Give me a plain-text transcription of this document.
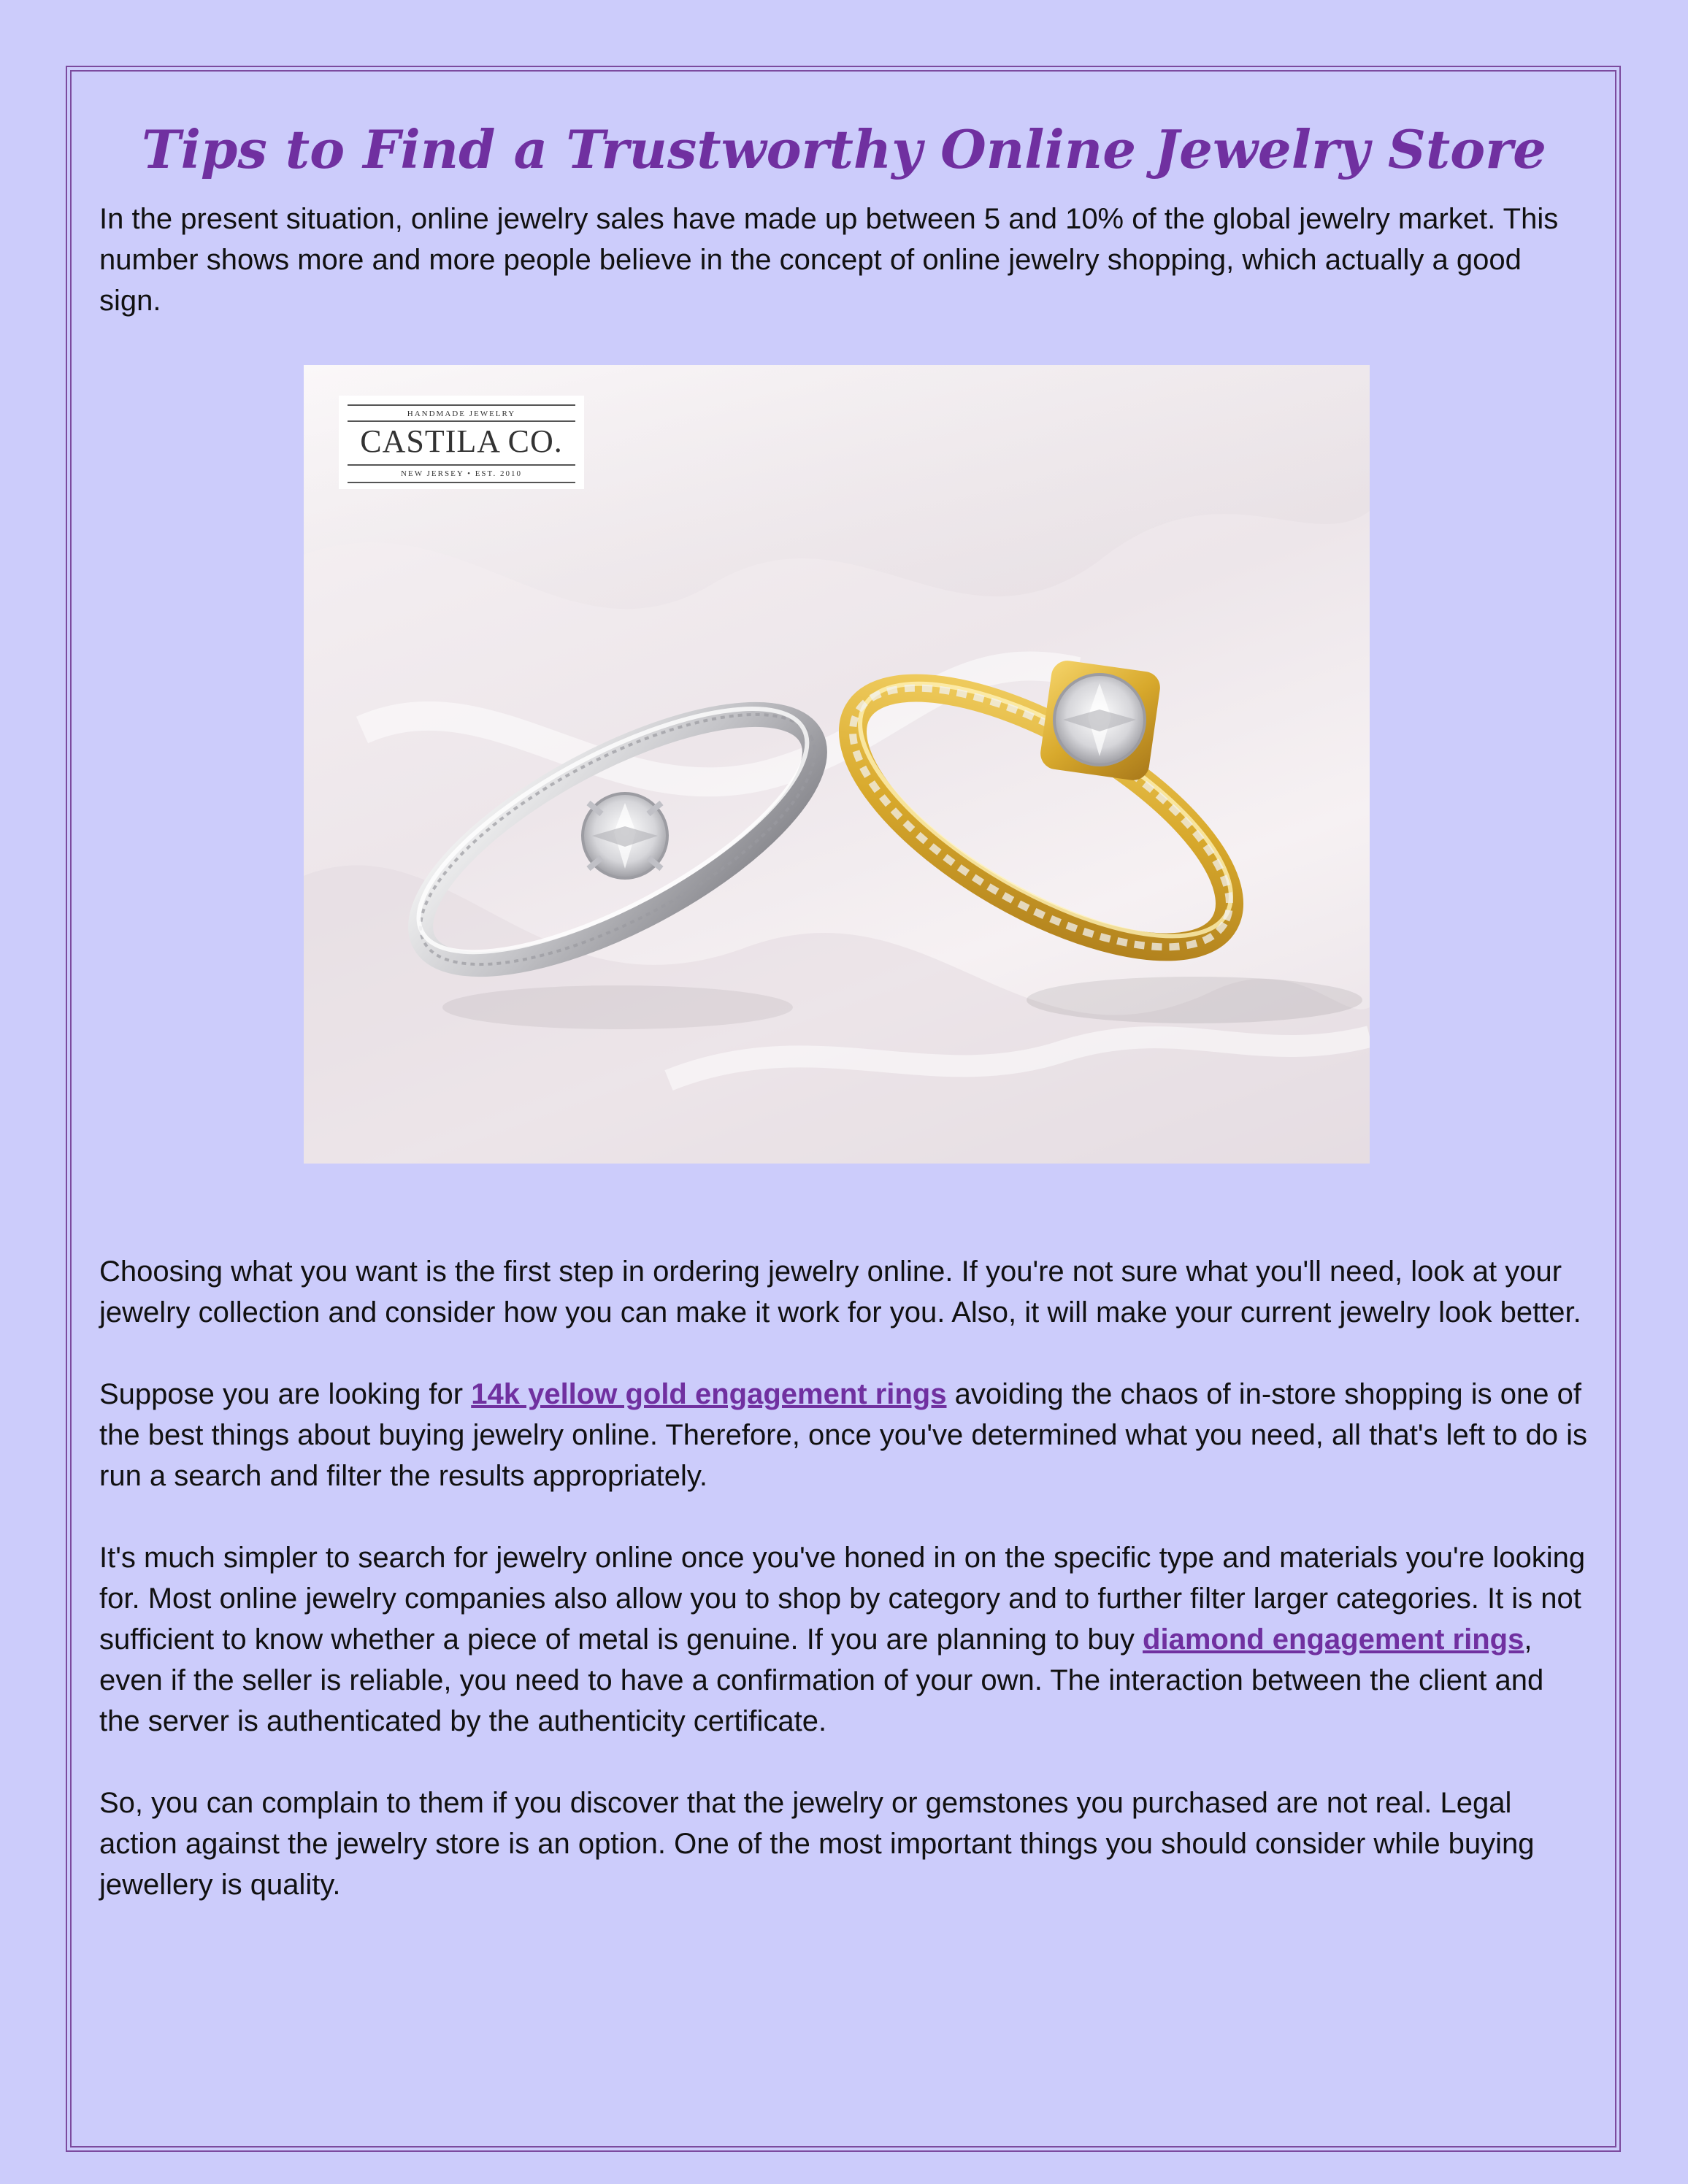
Tips to Find a Trustworthy Online Jewelry Store

In the present situation, online jewelry sales have made up between 5 and 10% of the global jewelry market. This number shows more and more people believe in the concept of online jewelry shopping, which actually a good sign.

HANDMADE JEWELRY
CASTILA CO.
NEW JERSEY • EST. 2010

Choosing what you want is the first step in ordering jewelry online. If you're not sure what you'll need, look at your jewelry collection and consider how you can make it work for you. Also, it will make your current jewelry look better.

Suppose you are looking for 14k yellow gold engagement rings avoiding the chaos of in-store shopping is one of the best things about buying jewelry online. Therefore, once you've determined what you need, all that's left to do is run a search and filter the results appropriately.

It's much simpler to search for jewelry online once you've honed in on the specific type and materials you're looking for. Most online jewelry companies also allow you to shop by category and to further filter larger categories. It is not sufficient to know whether a piece of metal is genuine. If you are planning to buy diamond engagement rings, even if the seller is reliable, you need to have a confirmation of your own. The interaction between the client and the server is authenticated by the authenticity certificate.

So, you can complain to them if you discover that the jewelry or gemstones you purchased are not real. Legal action against the jewelry store is an option. One of the most important things you should consider while buying jewellery is quality.
